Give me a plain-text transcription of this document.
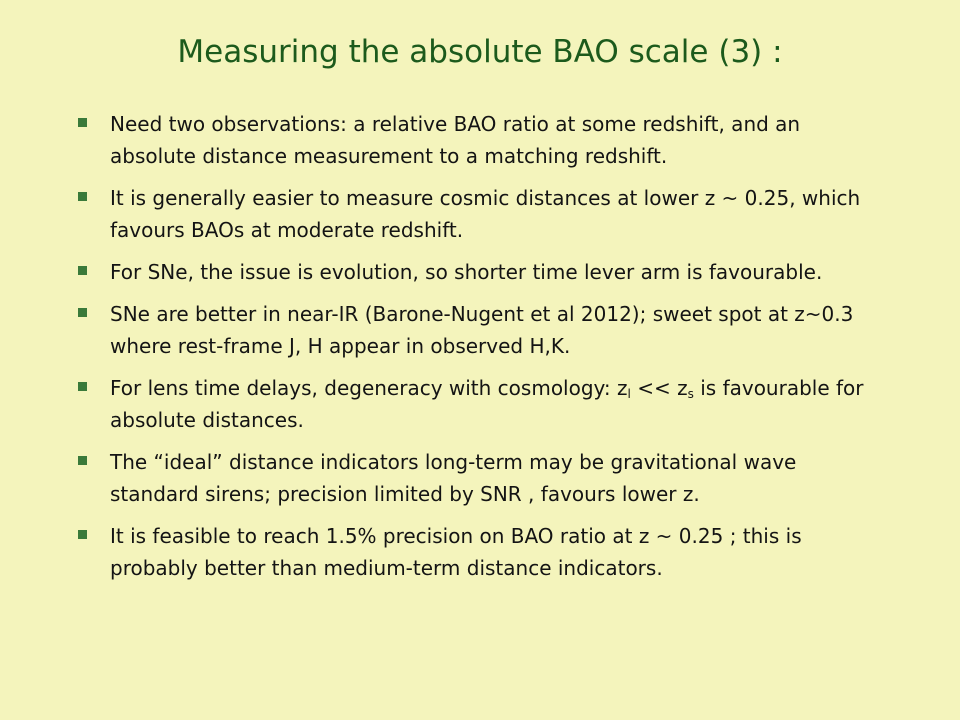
Measuring the absolute BAO scale (3) :
Need two observations: a relative BAO ratio at some redshift, and an absolute distance measurement to a matching redshift.
It is generally easier to measure cosmic distances at lower z ~ 0.25, which favours BAOs at moderate redshift.
For SNe, the issue is evolution, so shorter time lever arm is favourable.
SNe are better in near-IR (Barone-Nugent et al 2012); sweet spot at z~0.3 where rest-frame J, H appear in observed H,K.
For lens time delays, degeneracy with cosmology: $z_l << z_s$ is favourable for absolute distances.
The “ideal” distance indicators long-term may be gravitational wave standard sirens; precision limited by SNR , favours lower z.
It is feasible to reach 1.5% precision on BAO ratio at z ~ 0.25 ; this is probably better than medium-term distance indicators.
